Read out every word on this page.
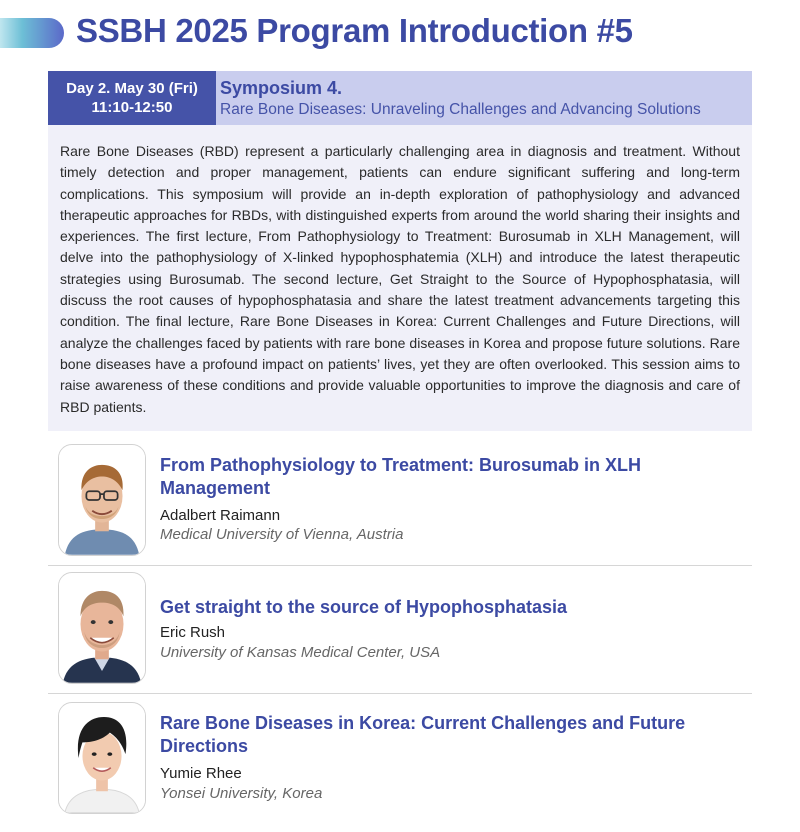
SSBH 2025 Program Introduction #5
Day 2. May 30 (Fri)
11:10-12:50
Symposium 4.
Rare Bone Diseases: Unraveling Challenges and Advancing Solutions
Rare Bone Diseases (RBD) represent a particularly challenging area in diagnosis and treatment. Without timely detection and proper management, patients can endure significant suffering and long-term complications. This symposium will provide an in-depth exploration of pathophysiology and advanced therapeutic approaches for RBDs, with distinguished experts from around the world sharing their insights and experiences. The first lecture, From Pathophysiology to Treatment: Burosumab in XLH Management, will delve into the pathophysiology of X-linked hypophosphatemia (XLH) and introduce the latest therapeutic strategies using Burosumab. The second lecture, Get Straight to the Source of Hypophosphatasia, will discuss the root causes of hypophosphatasia and share the latest treatment advancements targeting this condition. The final lecture, Rare Bone Diseases in Korea: Current Challenges and Future Directions, will analyze the challenges faced by patients with rare bone diseases in Korea and propose future solutions. Rare bone diseases have a profound impact on patients’ lives, yet they are often overlooked. This session aims to raise awareness of these conditions and provide valuable opportunities to improve the diagnosis and care of RBD patients.
From Pathophysiology to Treatment: Burosumab in XLH Management
Adalbert Raimann
Medical University of Vienna, Austria
Get straight to the source of Hypophosphatasia
Eric Rush
University of Kansas Medical Center, USA
Rare Bone Diseases in Korea: Current Challenges and Future Directions
Yumie Rhee
Yonsei University, Korea
